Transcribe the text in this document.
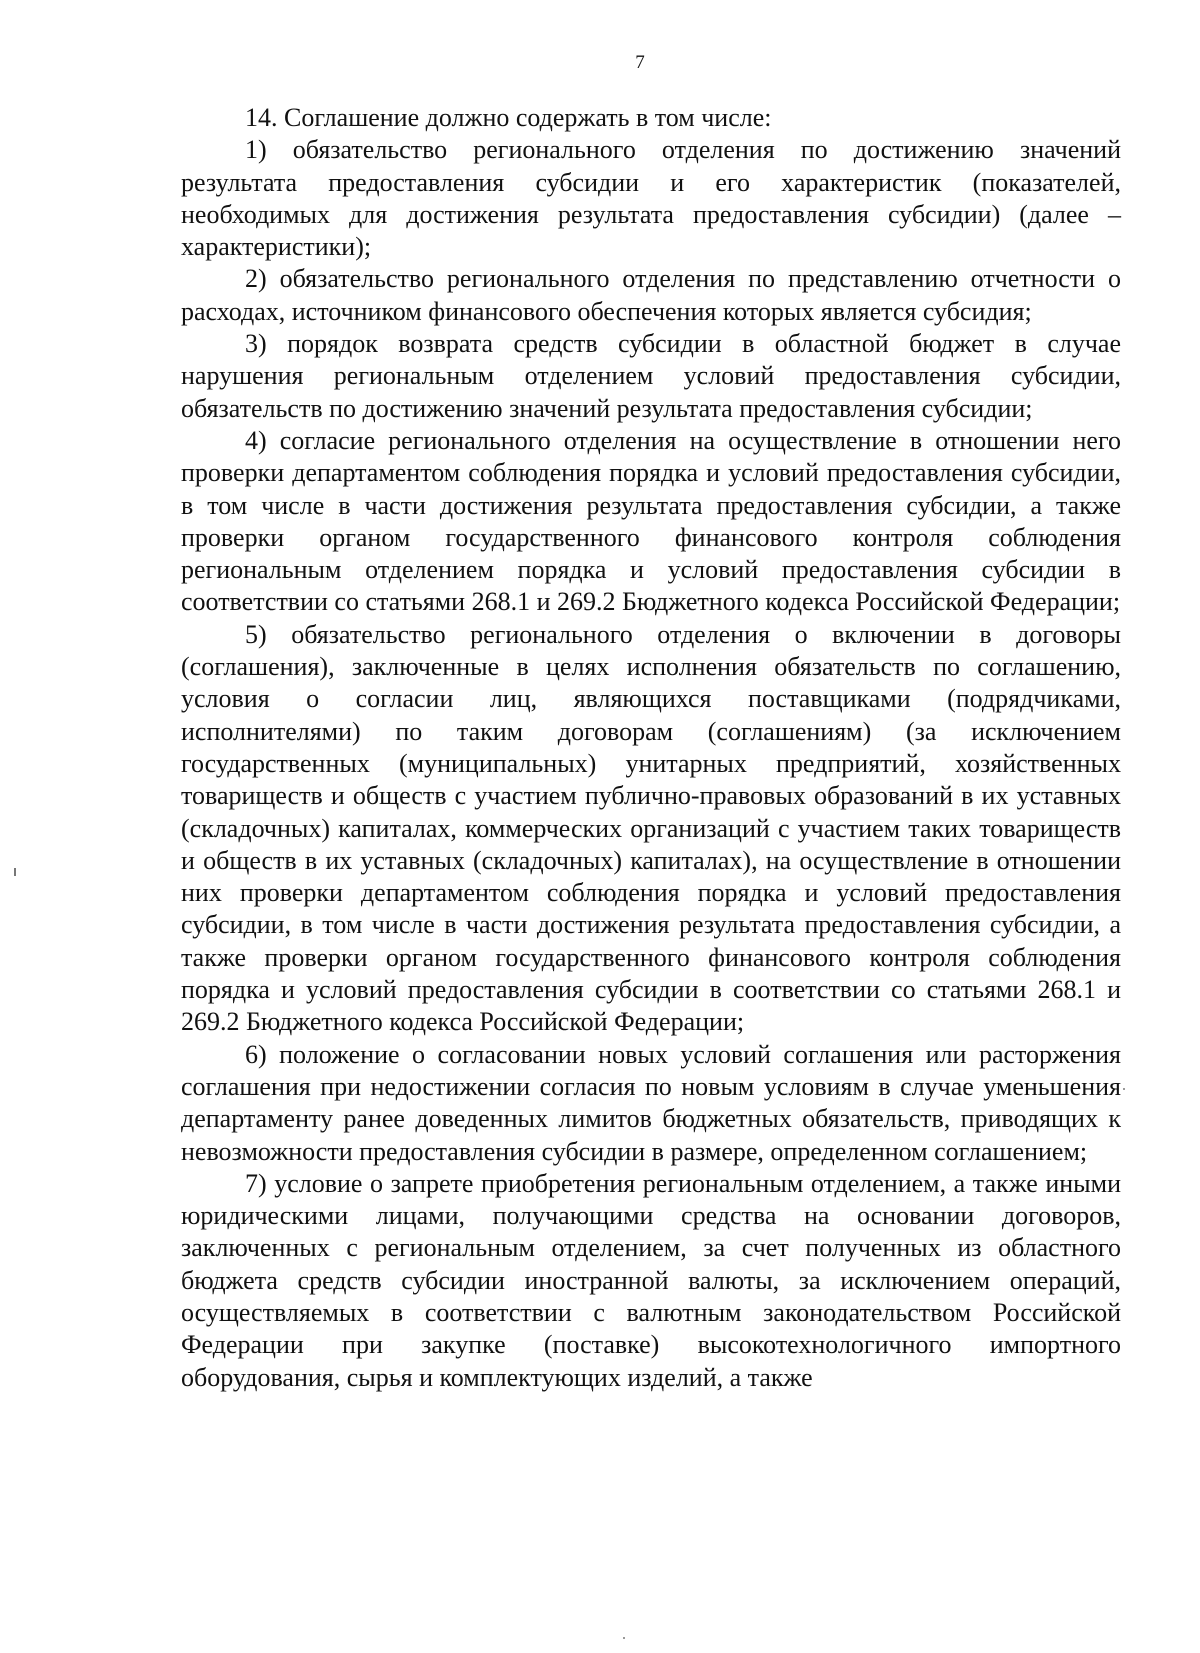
7

14. Соглашение должно содержать в том числе:

1) обязательство регионального отделения по достижению значений результата предоставления субсидии и его характеристик (показателей, необходимых для достижения результата предоставления субсидии) (далее – характеристики);

2) обязательство регионального отделения по представлению отчетности о расходах, источником финансового обеспечения которых является субсидия;

3) порядок возврата средств субсидии в областной бюджет в случае нарушения региональным отделением условий предоставления субсидии, обязательств по достижению значений результата предоставления субсидии;

4) согласие регионального отделения на осуществление в отношении него проверки департаментом соблюдения порядка и условий предоставления субсидии, в том числе в части достижения результата предоставления субсидии, а также проверки органом государственного финансового контроля соблюдения региональным отделением порядка и условий предоставления субсидии в соответствии со статьями 268.1 и 269.2 Бюджетного кодекса Российской Федерации;

5) обязательство регионального отделения о включении в договоры (соглашения), заключенные в целях исполнения обязательств по соглашению, условия о согласии лиц, являющихся поставщиками (подрядчиками, исполнителями) по таким договорам (соглашениям) (за исключением государственных (муниципальных) унитарных предприятий, хозяйственных товариществ и обществ с участием публично-правовых образований в их уставных (складочных) капиталах, коммерческих организаций с участием таких товариществ и обществ в их уставных (складочных) капиталах), на осуществление в отношении них проверки департаментом соблюдения порядка и условий предоставления субсидии, в том числе в части достижения результата предоставления субсидии, а также проверки органом государственного финансового контроля соблюдения порядка и условий предоставления субсидии в соответствии со статьями 268.1 и 269.2 Бюджетного кодекса Российской Федерации;

6) положение о согласовании новых условий соглашения или расторжения соглашения при недостижении согласия по новым условиям в случае уменьшения департаменту ранее доведенных лимитов бюджетных обязательств, приводящих к невозможности предоставления субсидии в размере, определенном соглашением;

7) условие о запрете приобретения региональным отделением, а также иными юридическими лицами, получающими средства на основании договоров, заключенных с региональным отделением, за счет полученных из областного бюджета средств субсидии иностранной валюты, за исключением операций, осуществляемых в соответствии с валютным законодательством Российской Федерации при закупке (поставке) высокотехнологичного импортного оборудования, сырья и комплектующих изделий, а также
